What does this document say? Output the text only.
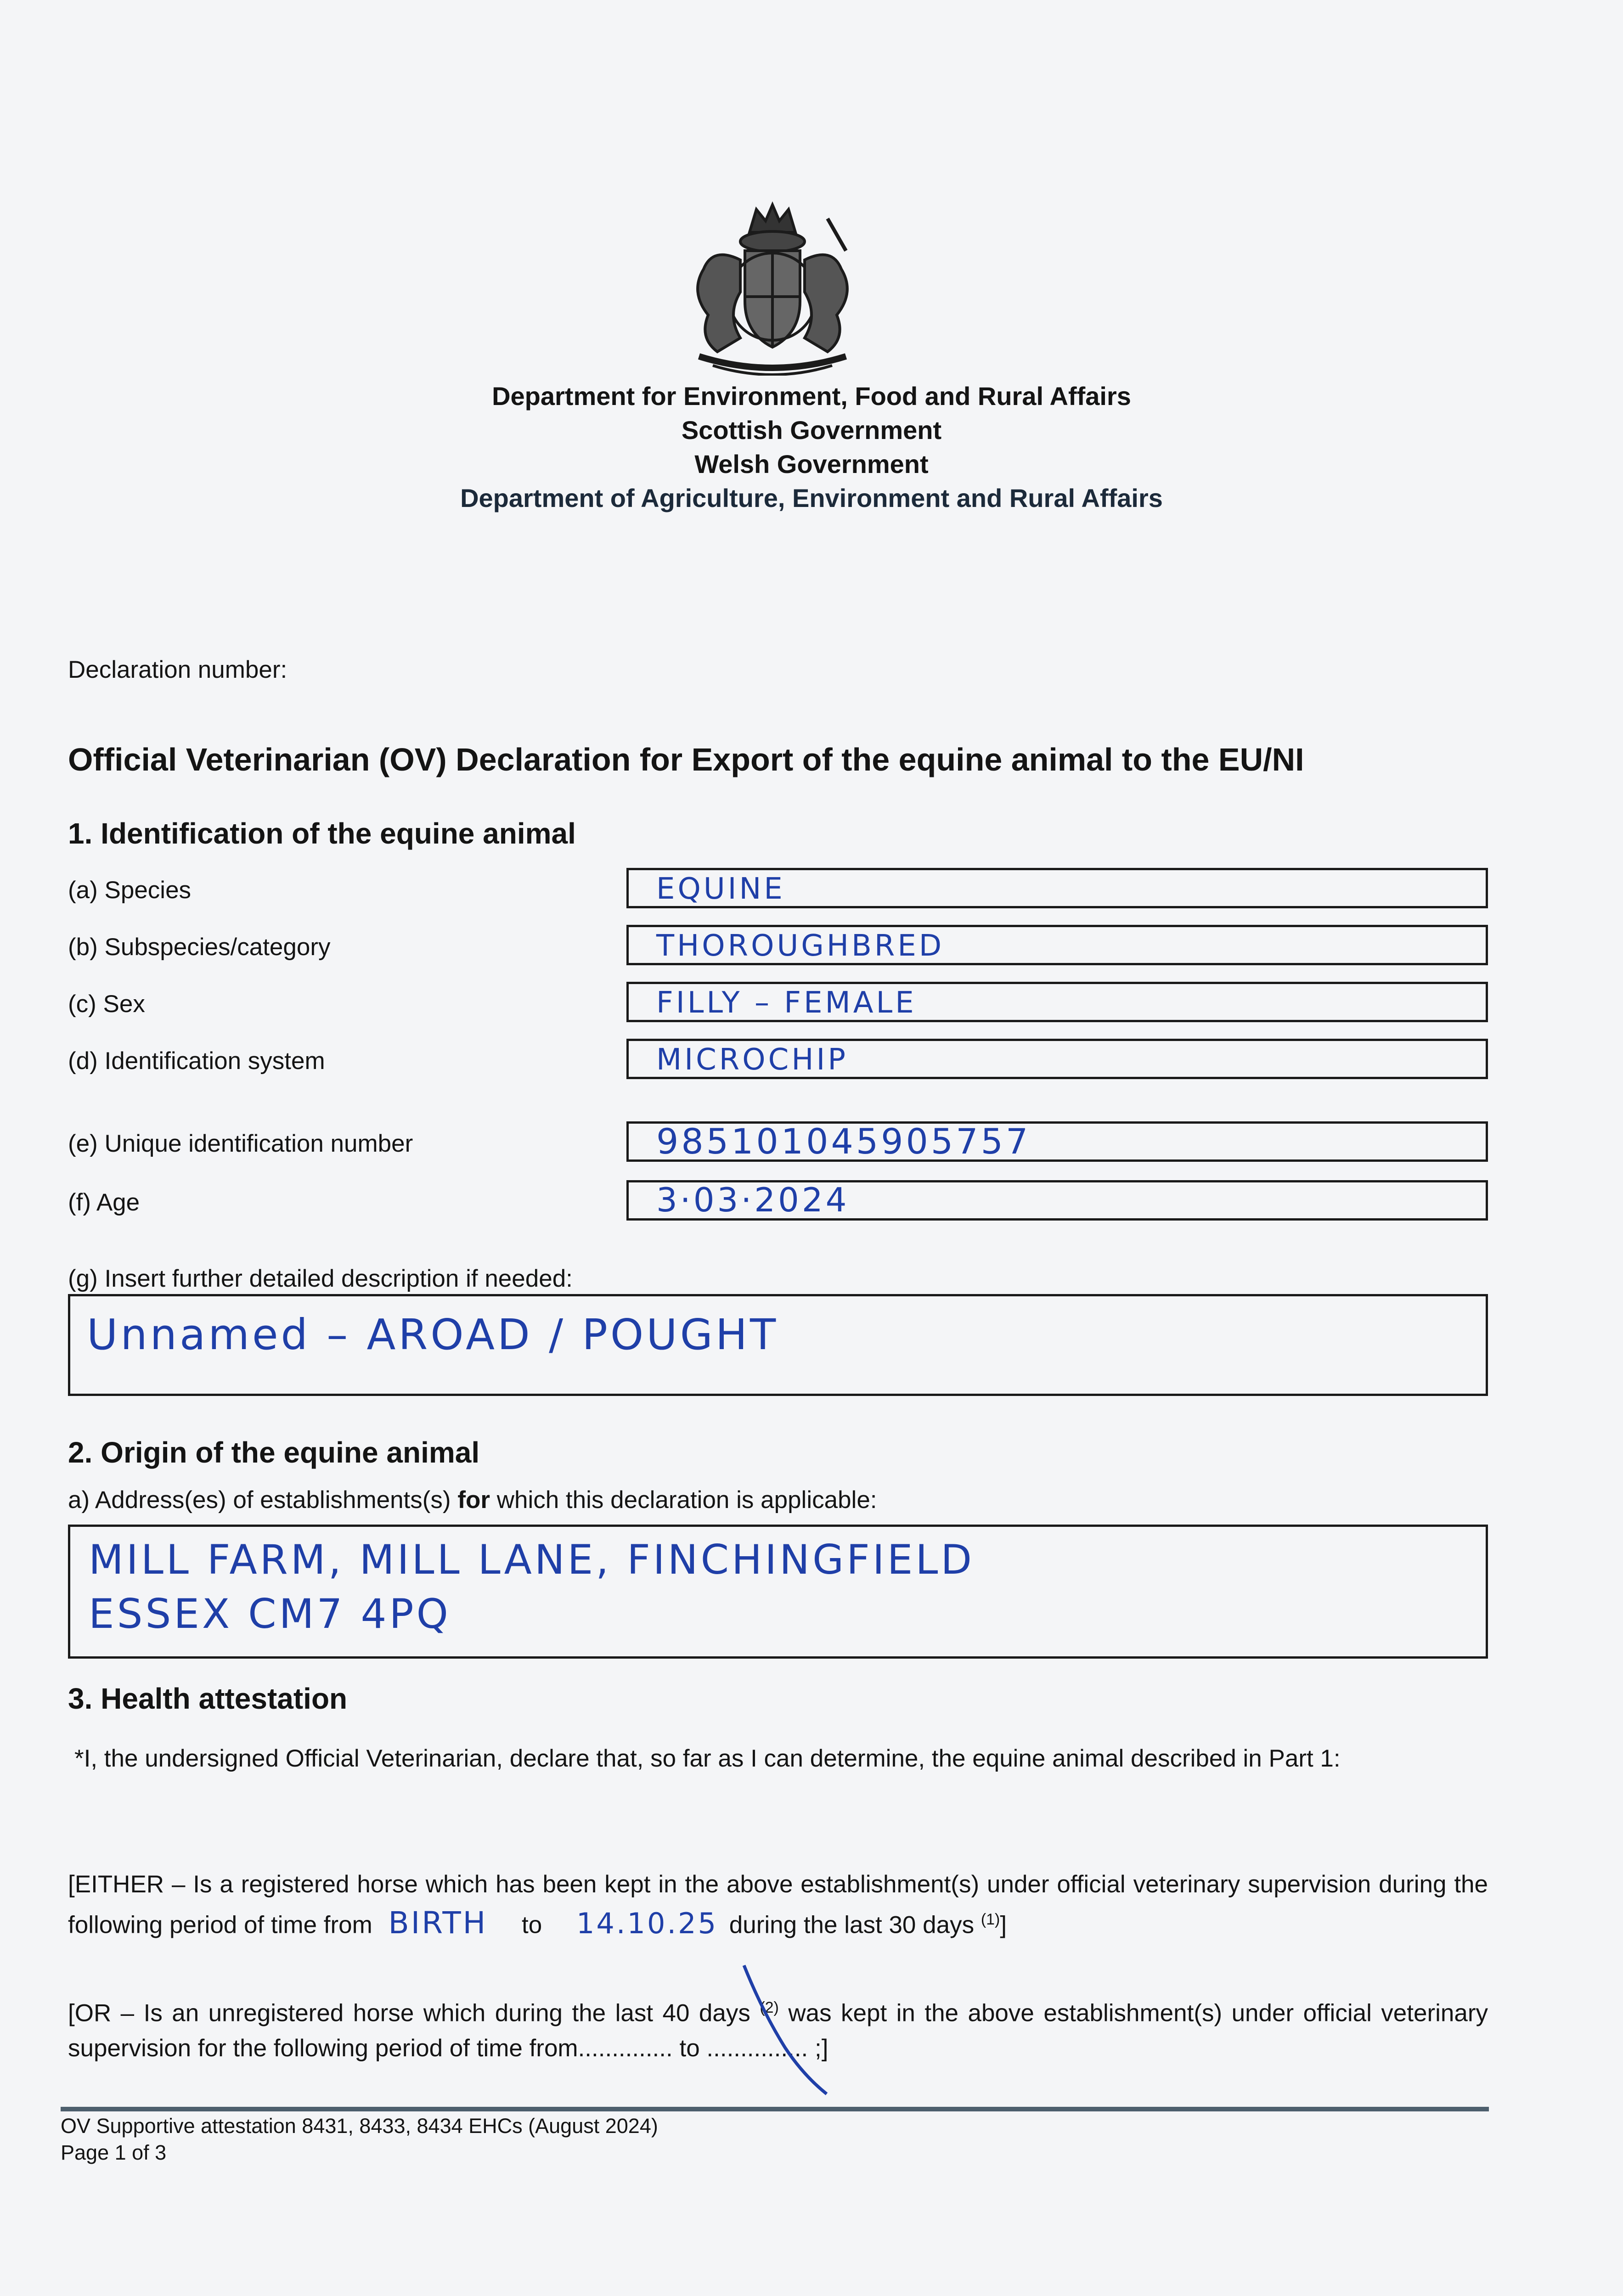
Department for Environment, Food and Rural Affairs
Scottish Government
Welsh Government
Department of Agriculture, Environment and Rural Affairs
Declaration number:
Official Veterinarian (OV) Declaration for Export of the equine animal to the EU/NI
1. Identification of the equine animal
(a) Species	EQUINE
(b) Subspecies/category	THOROUGHBRED
(c) Sex	FILLY – FEMALE
(d) Identification system	MICROCHIP
(e) Unique identification number	985101045905757
(f) Age	3·03·2024
(g) Insert further detailed description if needed:
Unnamed – AROAD / POUGHT
2. Origin of the equine animal
a) Address(es) of establishments(s) for which this declaration is applicable:
MILL FARM, MILL LANE, FINCHINGFIELD
ESSEX CM7 4PQ
3. Health attestation
*I, the undersigned Official Veterinarian, declare that, so far as I can determine, the equine animal described in Part 1:
[EITHER – Is a registered horse which has been kept in the above establishment(s) under official veterinary supervision during the following period of time from BIRTH to 14.10.25 during the last 30 days $^{(1)}$]
[OR – Is an unregistered horse which during the last 40 days $^{(2)}$ was kept in the above establishment(s) under official veterinary supervision for the following period of time from.............. to ............... ;]
OV Supportive attestation 8431, 8433, 8434 EHCs (August 2024)
Page 1 of 3
